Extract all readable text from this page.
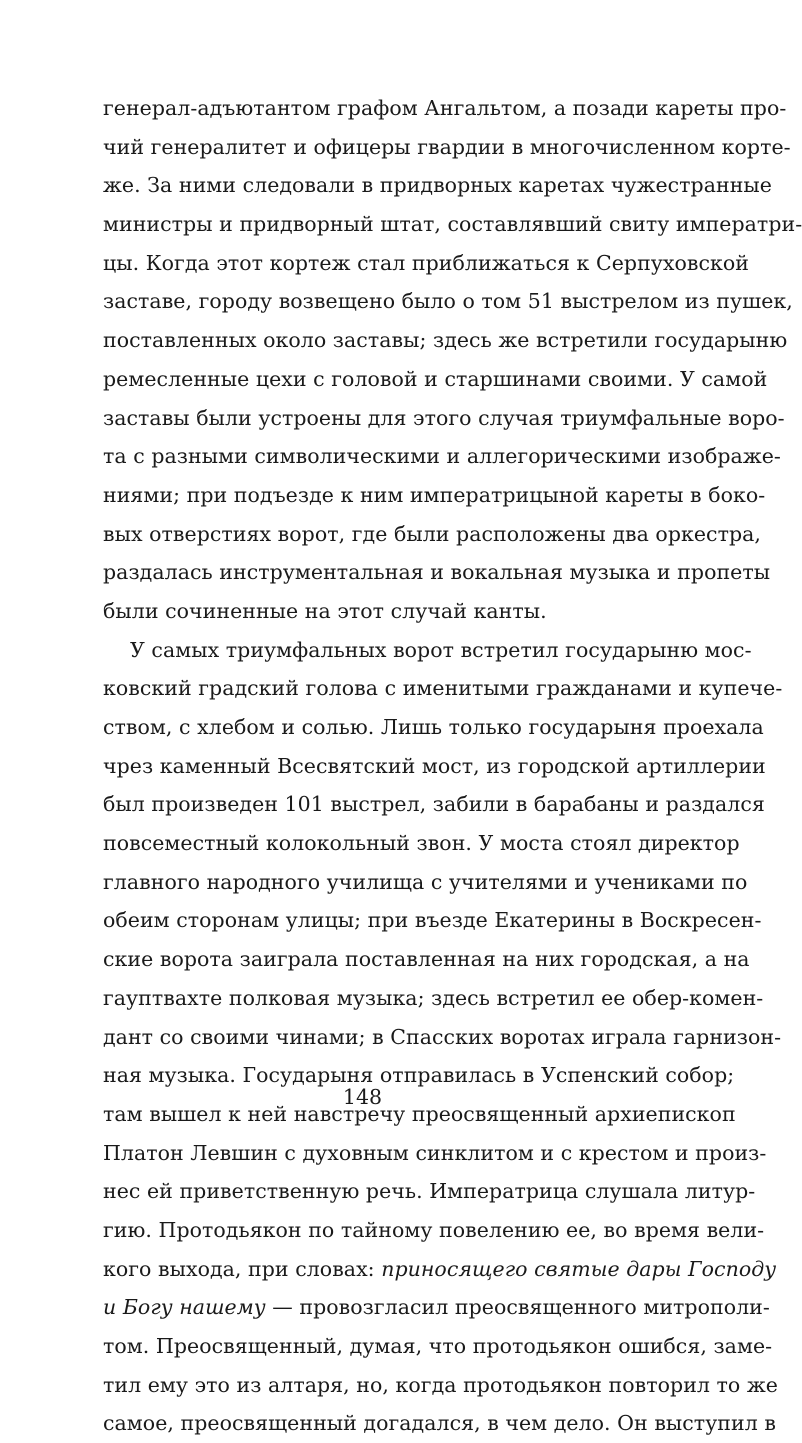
генерал-адъютантом графом Ангальтом, а позади кареты про-
чий генералитет и офицеры гвардии в многочисленном корте-
же. За ними следовали в придворных каретах чужестранные
министры и придворный штат, составлявший свиту императри-
цы. Когда этот кортеж стал приближаться к Серпуховской
заставе, городу возвещено было о том 51 выстрелом из пушек,
поставленных около заставы; здесь же встретили государыню
ремесленные цехи с головой и старшинами своими. У самой
заставы были устроены для этого случая триумфальные воро-
та с разными символическими и аллегорическими изображе-
ниями; при подъезде к ним императрицыной кареты в боко-
вых отверстиях ворот, где были расположены два оркестра,
раздалась инструментальная и вокальная музыка и пропеты
были сочиненные на этот случай канты.
У самых триумфальных ворот встретил государыню мос-
ковский градский голова с именитыми гражданами и купече-
ством, с хлебом и солью. Лишь только государыня проехала
чрез каменный Всесвятский мост, из городской артиллерии
был произведен 101 выстрел, забили в барабаны и раздался
повсеместный колокольный звон. У моста стоял директор
главного народного училища с учителями и учениками по
обеим сторонам улицы; при въезде Екатерины в Воскресен-
ские ворота заиграла поставленная на них городская, а на
гауптвахте полковая музыка; здесь встретил ее обер-комен-
дант со своими чинами; в Спасских воротах играла гарнизон-
ная музыка. Государыня отправилась в Успенский собор;
там вышел к ней навстречу преосвященный архиепископ
Платон Левшин с духовным синклитом и с крестом и произ-
нес ей приветственную речь. Императрица слушала литур-
гию. Протодьякон по тайному повелению ее, во время вели-
кого выхода, при словах: приносящего святые дары Господу
и Богу нашему — провозгласил преосвященного митрополи-
том. Преосвященный, думая, что протодьякон ошибся, заме-
тил ему это из алтаря, но, когда протодьякон повторил то же
самое, преосвященный догадался, в чем дело. Он выступил в
148
